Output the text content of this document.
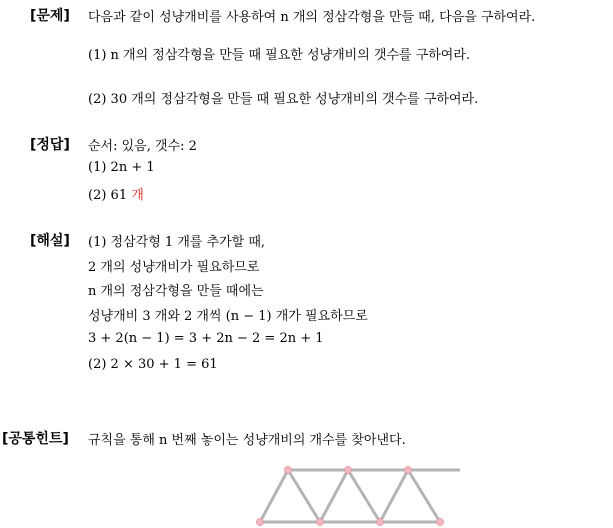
[문제] 다음과 같이 성냥개비를 사용하여 n 개의 정삼각형을 만들 때, 다음을 구하여라.
(1) n 개의 정삼각형을 만들 때 필요한 성냥개비의 갯수를 구하여라.
(2) 30 개의 정삼각형을 만들 때 필요한 성냥개비의 갯수를 구하여라.
[정답] 순서: 있음, 갯수: 2
(1) 2n + 1
(2) 61 개
[해설] (1) 정삼각형 1 개를 추가할 때,
2 개의 성냥개비가 필요하므로
n 개의 정삼각형을 만들 때에는
성냥개비 3 개와 2 개씩 (n − 1) 개가 필요하므로
3 + 2(n − 1) = 3 + 2n − 2 = 2n + 1
(2) 2 × 30 + 1 = 61
[공통힌트] 규칙을 통해 n 번째 놓이는 성냥개비의 개수를 찾아낸다.
